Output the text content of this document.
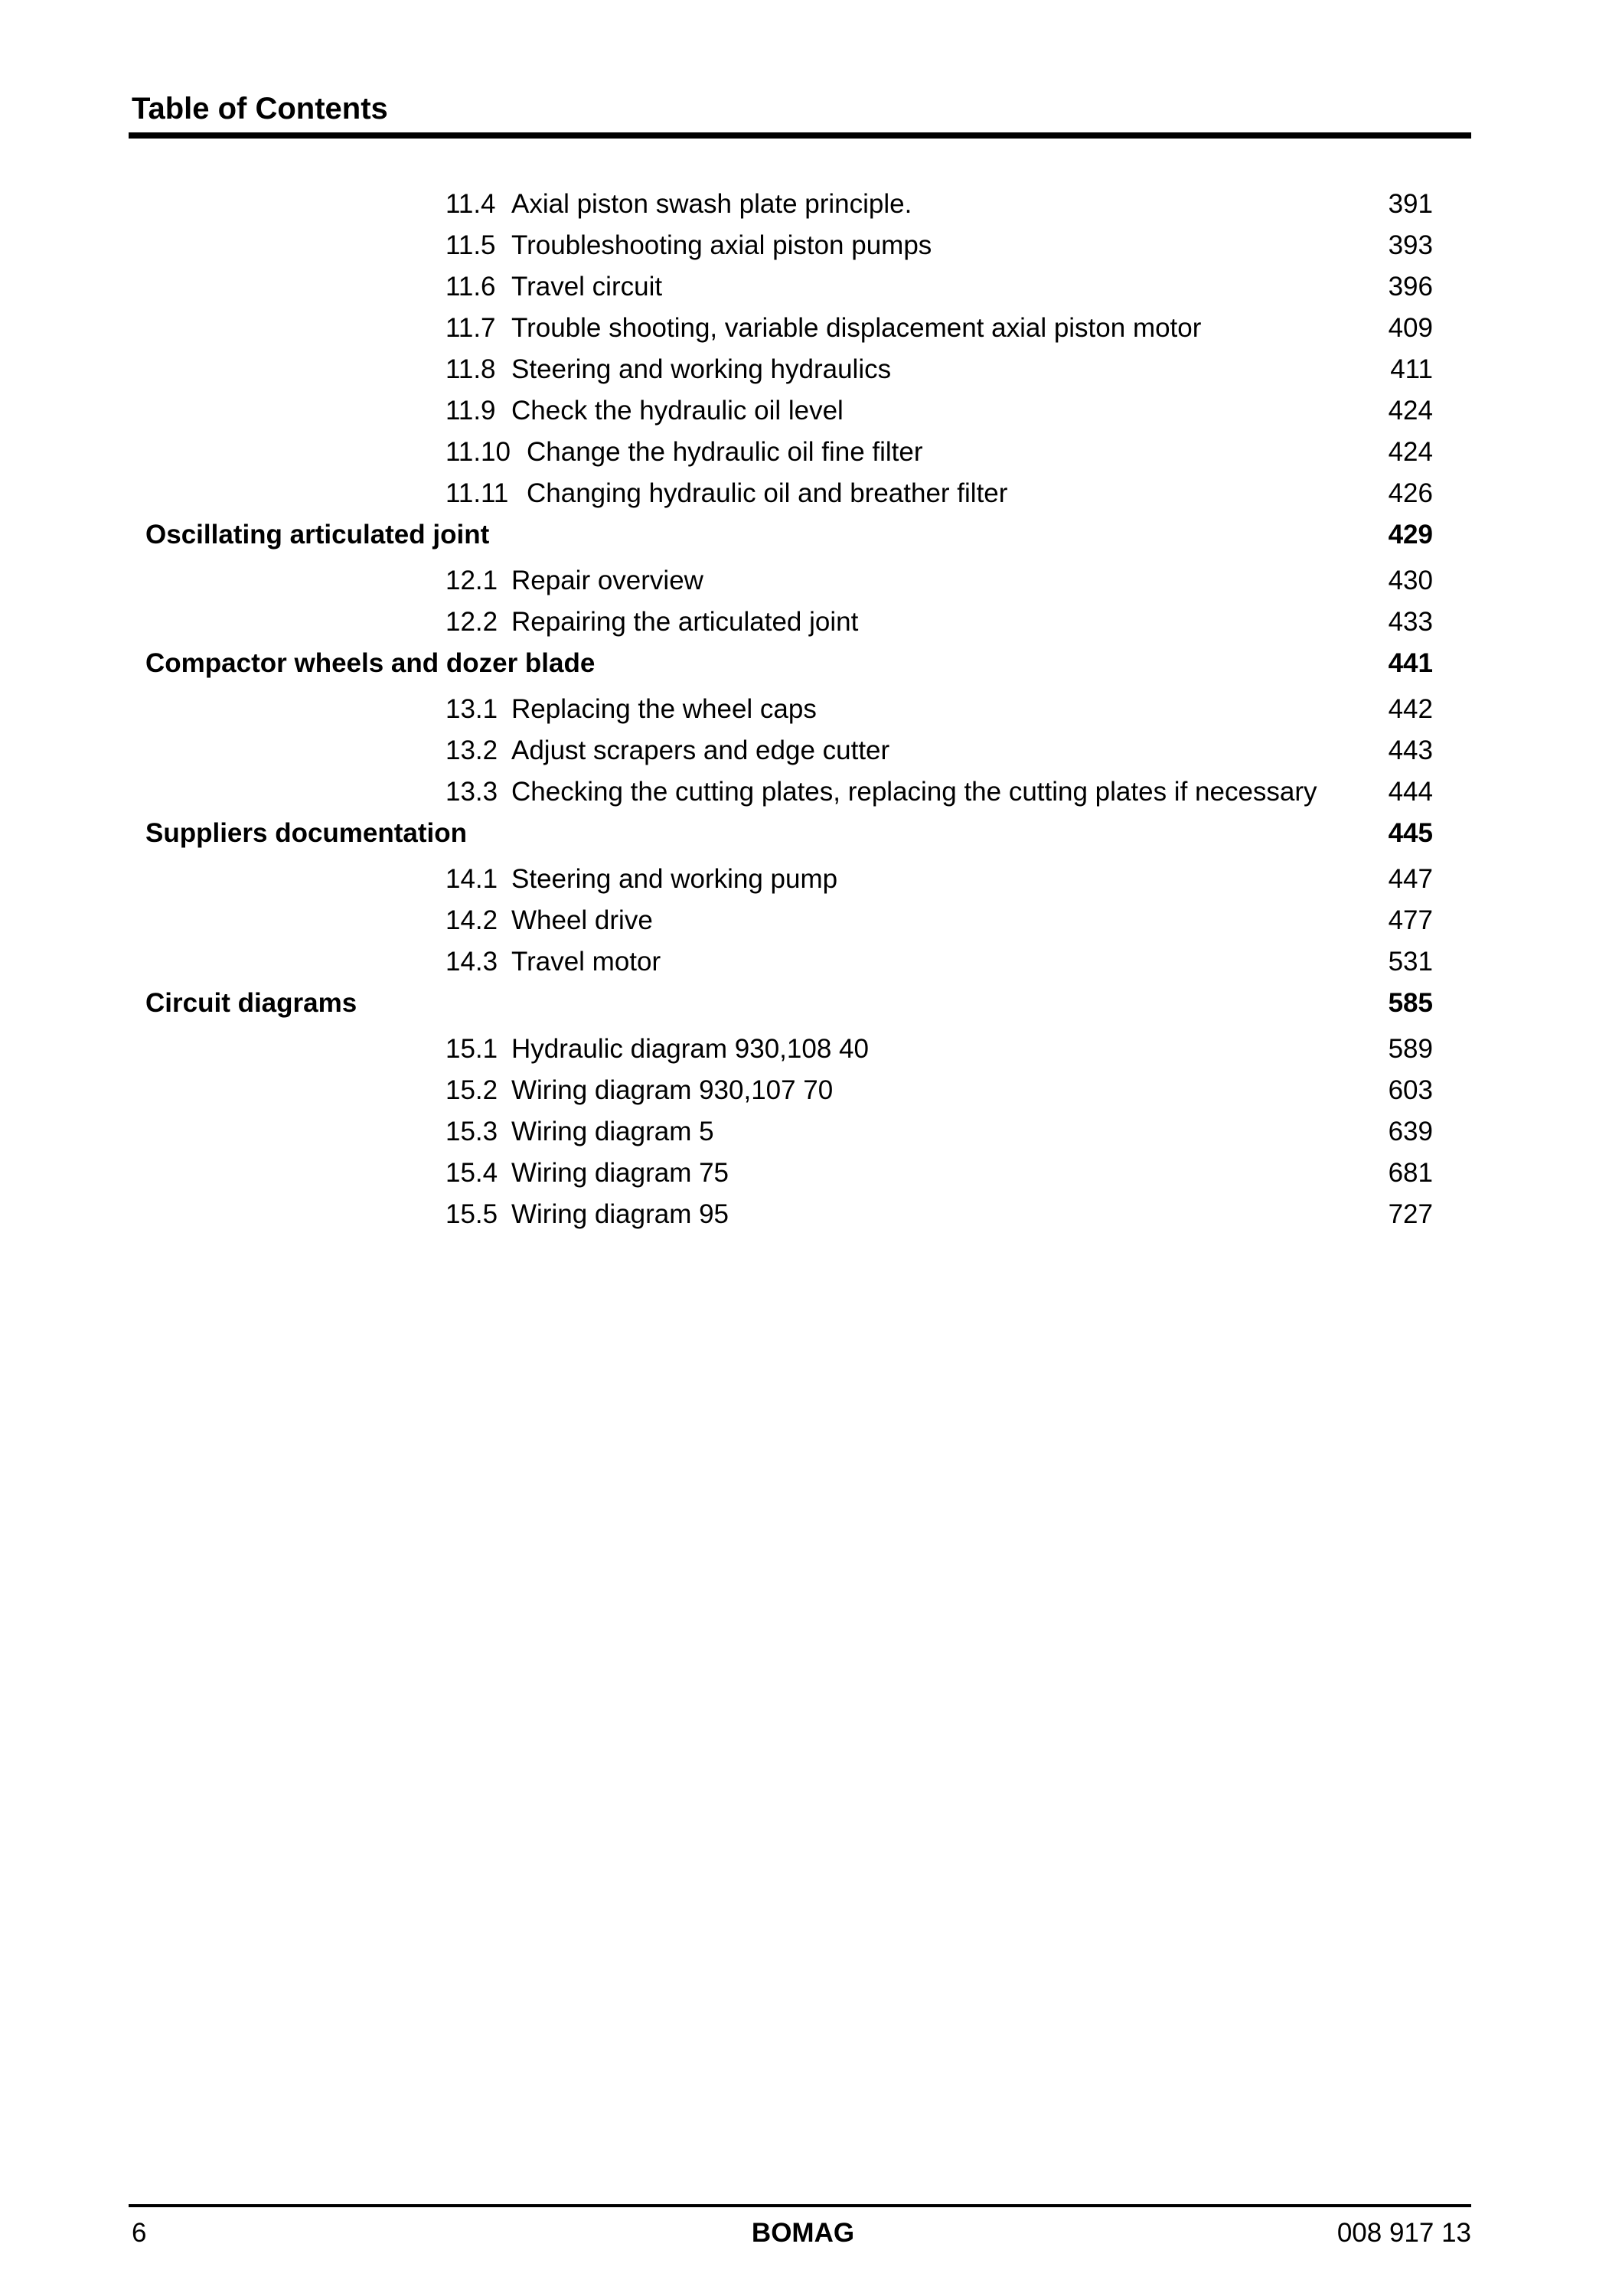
Table of Contents
11.4 Axial piston swash plate principle.	391
11.5 Troubleshooting axial piston pumps	393
11.6 Travel circuit	396
11.7 Trouble shooting, variable displacement axial piston motor	409
11.8 Steering and working hydraulics	411
11.9 Check the hydraulic oil level	424
11.10 Change the hydraulic oil fine filter	424
11.11 Changing hydraulic oil and breather filter	426
Oscillating articulated joint	429
12.1 Repair overview	430
12.2 Repairing the articulated joint	433
Compactor wheels and dozer blade	441
13.1 Replacing the wheel caps	442
13.2 Adjust scrapers and edge cutter	443
13.3 Checking the cutting plates, replacing the cutting plates if necessary	444
Suppliers documentation	445
14.1 Steering and working pump	447
14.2 Wheel drive	477
14.3 Travel motor	531
Circuit diagrams	585
15.1 Hydraulic diagram 930,108 40	589
15.2 Wiring diagram 930,107 70	603
15.3 Wiring diagram 5	639
15.4 Wiring diagram 75	681
15.5 Wiring diagram 95	727
6	BOMAG	008 917 13
